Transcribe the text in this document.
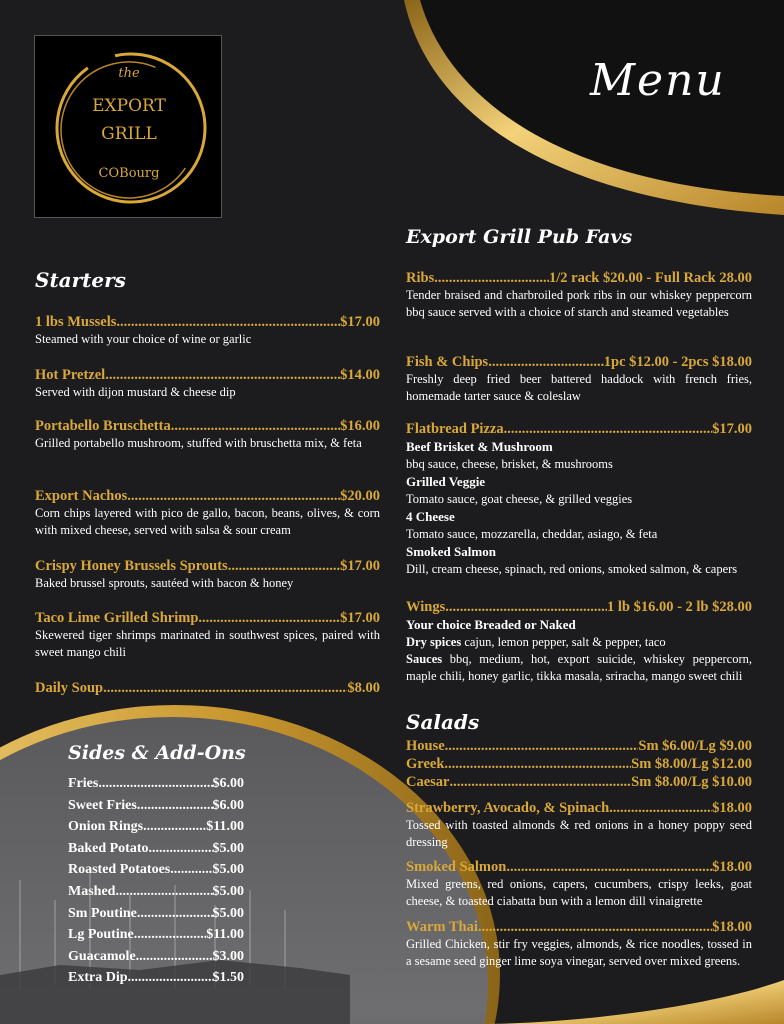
the
EXPORT
GRILL
COBourg
Menu
Starters
1 lbs Mussels .....	$17.00
Steamed with your choice of wine or garlic
Hot Pretzel .....	$14.00
Served with dijon mustard & cheese dip
Portabello Bruschetta .....	$16.00
Grilled portabello mushroom, stuffed with bruschetta mix, & feta
Export Nachos .....	$20.00
Corn chips layered with pico de gallo, bacon, beans, olives, & corn with mixed cheese, served with salsa & sour cream
Crispy Honey Brussels Sprouts .....	$17.00
Baked brussel sprouts, sautéed with bacon & honey
Taco Lime Grilled Shrimp .....	$17.00
Skewered tiger shrimps marinated in southwest spices, paired with sweet mango chili
Daily Soup .....	$8.00
Sides & Add-Ons
Fries .....	$6.00
Sweet Fries .....	$6.00
Onion Rings .....	$11.00
Baked Potato .....	$5.00
Roasted Potatoes .....	$5.00
Mashed .....	$5.00
Sm Poutine .....	$5.00
Lg Poutine .....	$11.00
Guacamole .....	$3.00
Extra Dip .....	$1.50
Export Grill Pub Favs
Ribs .....	1/2 rack $20.00 - Full Rack 28.00
Tender braised and charbroiled pork ribs in our whiskey peppercorn bbq sauce served with a choice of starch and steamed vegetables
Fish & Chips .....	1pc $12.00 - 2pcs $18.00
Freshly deep fried beer battered haddock with french fries, homemade tarter sauce & coleslaw
Flatbread Pizza .....	$17.00
Beef Brisket & Mushroom
bbq sauce, cheese, brisket, & mushrooms
Grilled Veggie
Tomato sauce, goat cheese, & grilled veggies
4 Cheese
Tomato sauce, mozzarella, cheddar, asiago, & feta
Smoked Salmon
Dill, cream cheese, spinach, red onions, smoked salmon, & capers
Wings .....	1 lb $16.00 - 2 lb $28.00
Your choice Breaded or Naked
Dry spices cajun, lemon pepper, salt & pepper, taco
Sauces bbq, medium, hot, export suicide, whiskey peppercorn, maple chili, honey garlic, tikka masala, sriracha, mango sweet chili
Salads
House .....	Sm $6.00/Lg $9.00
Greek .....	Sm $8.00/Lg $12.00
Caesar .....	Sm $8.00/Lg $10.00
Strawberry, Avocado, & Spinach .....	$18.00
Tossed with toasted almonds & red onions in a honey poppy seed dressing
Smoked Salmon .....	$18.00
Mixed greens, red onions, capers, cucumbers, crispy leeks, goat cheese, & toasted ciabatta bun with a lemon dill vinaigrette
Warm Thai .....	$18.00
Grilled Chicken, stir fry veggies, almonds, & rice noodles, tossed in a sesame seed ginger lime soya vinegar, served over mixed greens.
